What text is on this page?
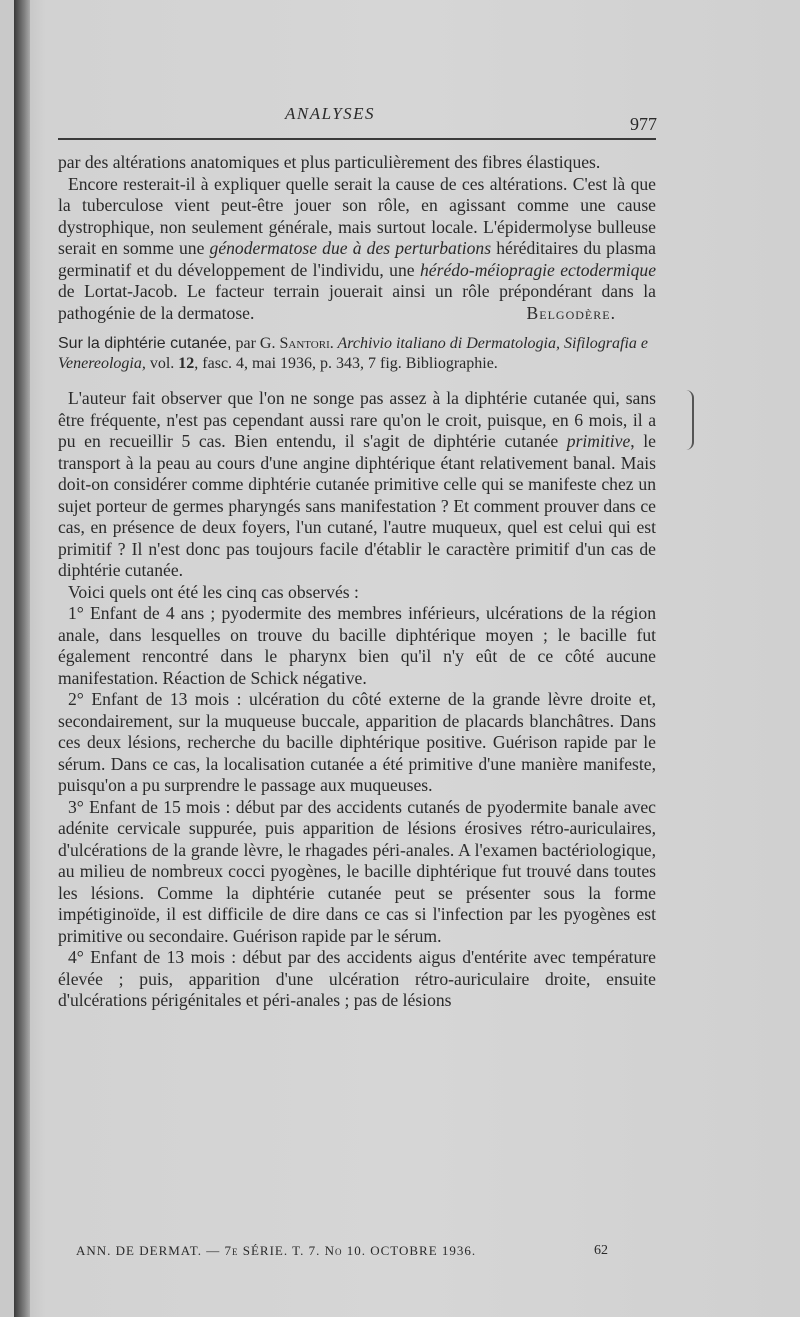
ANALYSES
977

par des altérations anatomiques et plus particulièrement des fibres élastiques.

Encore resterait-il à expliquer quelle serait la cause de ces altérations. C'est là que la tuberculose vient peut-être jouer son rôle, en agissant comme une cause dystrophique, non seulement générale, mais surtout locale. L'épidermolyse bulleuse serait en somme une génodermatose due à des perturbations héréditaires du plasma germinatif et du développement de l'individu, une hérédo-méiopragie ectodermique de Lortat-Jacob. Le facteur terrain jouerait ainsi un rôle prépondérant dans la pathogénie de la dermatose.	Belgodère.

Sur la diphtérie cutanée, par G. Santori. Archivio italiano di Dermatologia, Sifilografia e Venereologia, vol. 12, fasc. 4, mai 1936, p. 343, 7 fig. Bibliographie.

L'auteur fait observer que l'on ne songe pas assez à la diphtérie cutanée qui, sans être fréquente, n'est pas cependant aussi rare qu'on le croit, puisque, en 6 mois, il a pu en recueillir 5 cas. Bien entendu, il s'agit de diphtérie cutanée primitive, le transport à la peau au cours d'une angine diphtérique étant relativement banal. Mais doit-on considérer comme diphtérie cutanée primitive celle qui se manifeste chez un sujet porteur de germes pharyngés sans manifestation ? Et comment prouver dans ce cas, en présence de deux foyers, l'un cutané, l'autre muqueux, quel est celui qui est primitif ? Il n'est donc pas toujours facile d'établir le caractère primitif d'un cas de diphtérie cutanée.

Voici quels ont été les cinq cas observés :

1° Enfant de 4 ans ; pyodermite des membres inférieurs, ulcérations de la région anale, dans lesquelles on trouve du bacille diphtérique moyen ; le bacille fut également rencontré dans le pharynx bien qu'il n'y eût de ce côté aucune manifestation. Réaction de Schick négative.

2° Enfant de 13 mois : ulcération du côté externe de la grande lèvre droite et, secondairement, sur la muqueuse buccale, apparition de placards blanchâtres. Dans ces deux lésions, recherche du bacille diphtérique positive. Guérison rapide par le sérum. Dans ce cas, la localisation cutanée a été primitive d'une manière manifeste, puisqu'on a pu surprendre le passage aux muqueuses.

3° Enfant de 15 mois : début par des accidents cutanés de pyodermite banale avec adénite cervicale suppurée, puis apparition de lésions érosives rétro-auriculaires, d'ulcérations de la grande lèvre, le rhagades péri-anales. A l'examen bactériologique, au milieu de nombreux cocci pyogènes, le bacille diphtérique fut trouvé dans toutes les lésions. Comme la diphtérie cutanée peut se présenter sous la forme impétiginoïde, il est difficile de dire dans ce cas si l'infection par les pyogènes est primitive ou secondaire. Guérison rapide par le sérum.

4° Enfant de 13 mois : début par des accidents aigus d'entérite avec température élevée ; puis, apparition d'une ulcération rétro-auriculaire droite, ensuite d'ulcérations périgénitales et péri-anales ; pas de lésions

ANN. DE DERMAT. — 7e SÉRIE. T. 7. No 10. OCTOBRE 1936.	62
